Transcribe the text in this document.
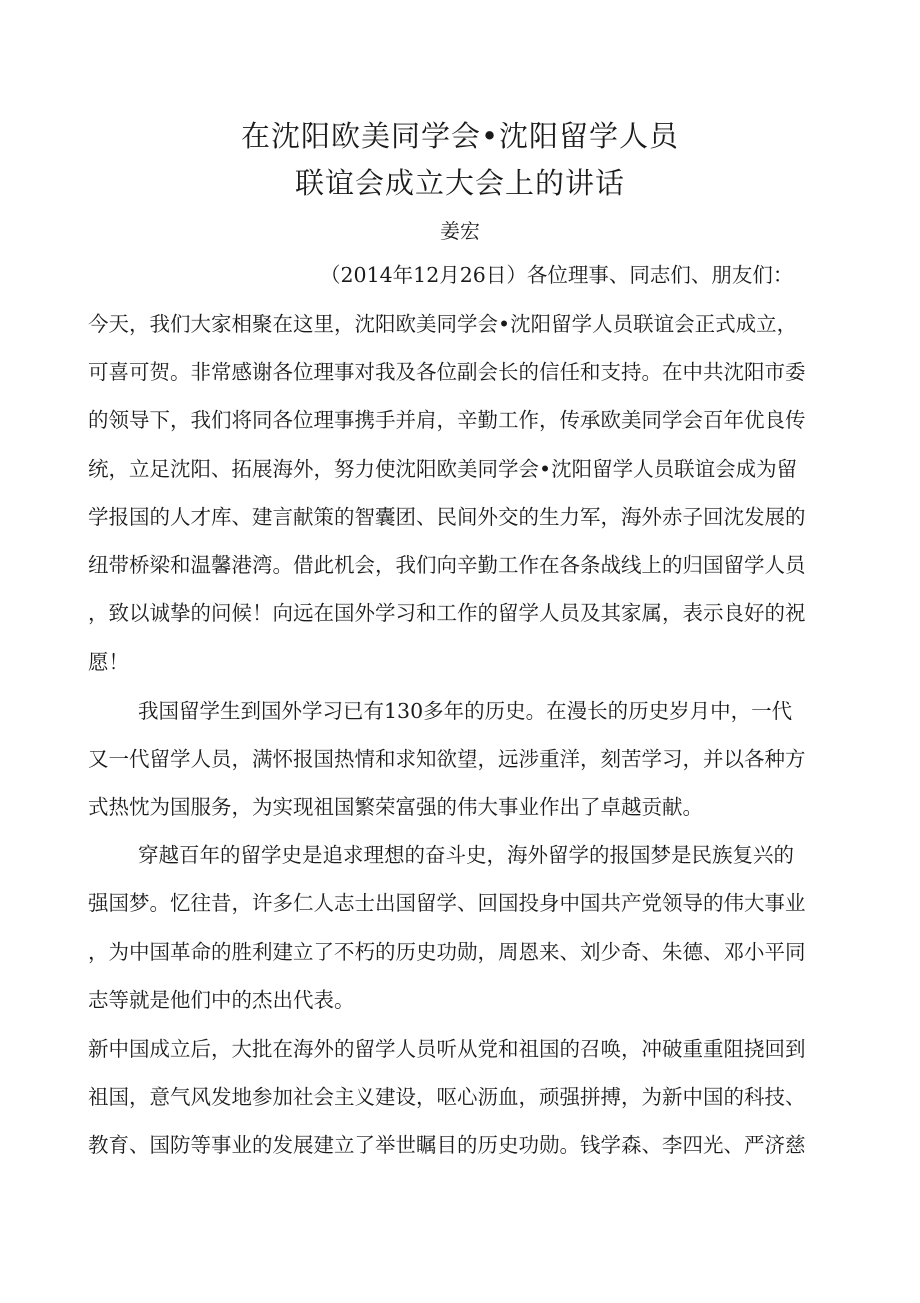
在沈阳欧美同学会•沈阳留学人员
联谊会成立大会上的讲话
姜宏
（2014年12月26日）各位理事、同志们、朋友们：
今天，我们大家相聚在这里，沈阳欧美同学会•沈阳留学人员联谊会正式成立，
可喜可贺。非常感谢各位理事对我及各位副会长的信任和支持。在中共沈阳市委
的领导下，我们将同各位理事携手并肩，辛勤工作，传承欧美同学会百年优良传
统，立足沈阳、拓展海外，努力使沈阳欧美同学会•沈阳留学人员联谊会成为留
学报国的人才库、建言献策的智囊团、民间外交的生力军，海外赤子回沈发展的
纽带桥梁和温馨港湾。借此机会，我们向辛勤工作在各条战线上的归国留学人员
，致以诚挚的问候！向远在国外学习和工作的留学人员及其家属，表示良好的祝
愿！
我国留学生到国外学习已有130多年的历史。在漫长的历史岁月中，一代
又一代留学人员，满怀报国热情和求知欲望，远涉重洋，刻苦学习，并以各种方
式热忱为国服务，为实现祖国繁荣富强的伟大事业作出了卓越贡献。
穿越百年的留学史是追求理想的奋斗史，海外留学的报国梦是民族复兴的
强国梦。忆往昔，许多仁人志士出国留学、回国投身中国共产党领导的伟大事业
，为中国革命的胜利建立了不朽的历史功勋，周恩来、刘少奇、朱德、邓小平同
志等就是他们中的杰出代表。
新中国成立后，大批在海外的留学人员听从党和祖国的召唤，冲破重重阻挠回到
祖国，意气风发地参加社会主义建设，呕心沥血，顽强拼搏，为新中国的科技、
教育、国防等事业的发展建立了举世瞩目的历史功勋。钱学森、李四光、严济慈
